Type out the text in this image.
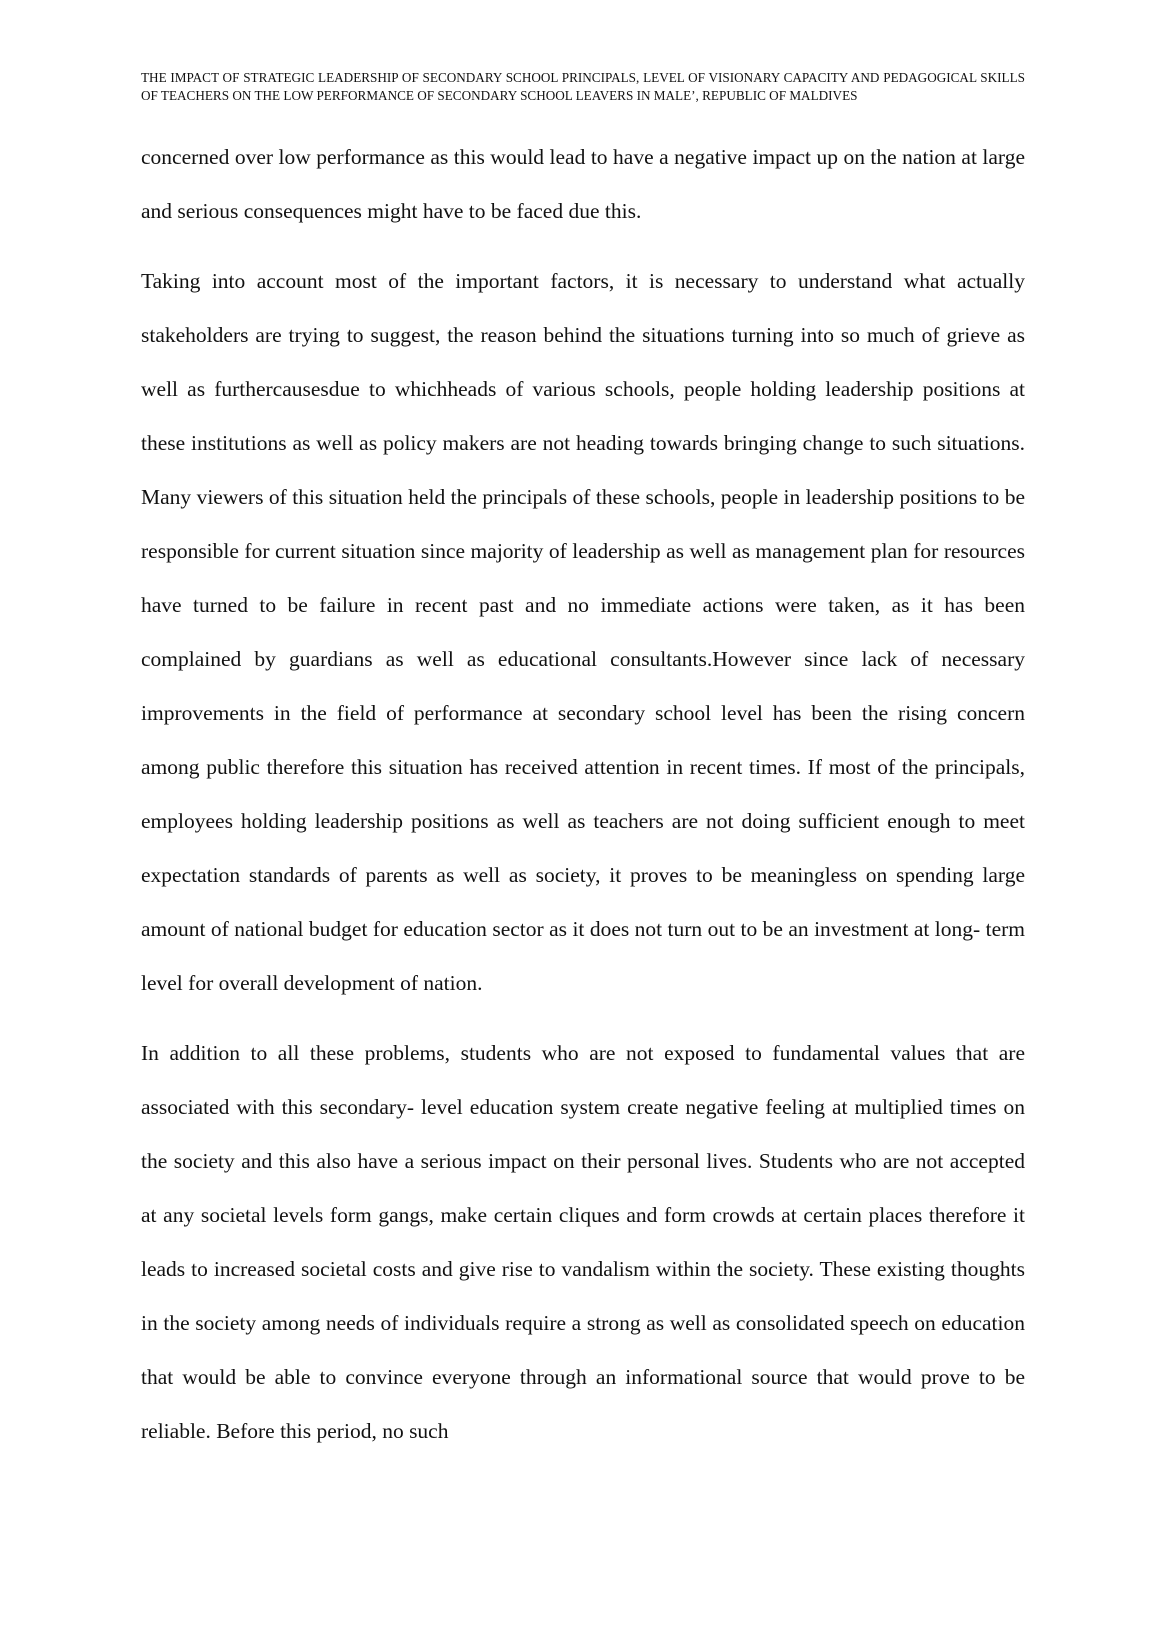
THE IMPACT OF STRATEGIC LEADERSHIP OF SECONDARY SCHOOL PRINCIPALS, LEVEL OF VISIONARY CAPACITY AND PEDAGOGICAL SKILLS OF TEACHERS ON THE LOW PERFORMANCE OF SECONDARY SCHOOL LEAVERS IN MALE’, REPUBLIC OF MALDIVES

concerned over low performance as this would lead to have a negative impact up on the nation at large and serious consequences might have to be faced due this.

Taking into account most of the important factors, it is necessary to understand what actually stakeholders are trying to suggest, the reason behind the situations turning into so much of grieve as well as furthercausesdue to whichheads of various schools, people holding leadership positions at these institutions as well as policy makers are not heading towards bringing change to such situations. Many viewers of this situation held the principals of these schools, people in leadership positions to be responsible for current situation since majority of leadership as well as management plan for resources have turned to be failure in recent past and no immediate actions were taken, as it has been complained by guardians as well as educational consultants.However since lack of necessary improvements in the field of performance at secondary school level has been the rising concern among public therefore this situation has received attention in recent times. If most of the principals, employees holding leadership positions as well as teachers are not doing sufficient enough to meet expectation standards of parents as well as society, it proves to be meaningless on spending large amount of national budget for education sector as it does not turn out to be an investment at long- term level for overall development of nation.

In addition to all these problems, students who are not exposed to fundamental values that are associated with this secondary- level education system create negative feeling at multiplied times on the society and this also have a serious impact on their personal lives. Students who are not accepted at any societal levels form gangs, make certain cliques and form crowds at certain places therefore it leads to increased societal costs and give rise to vandalism within the society. These existing thoughts in the society among needs of individuals require a strong as well as consolidated speech on education that would be able to convince everyone through an informational source that would prove to be reliable. Before this period, no such
